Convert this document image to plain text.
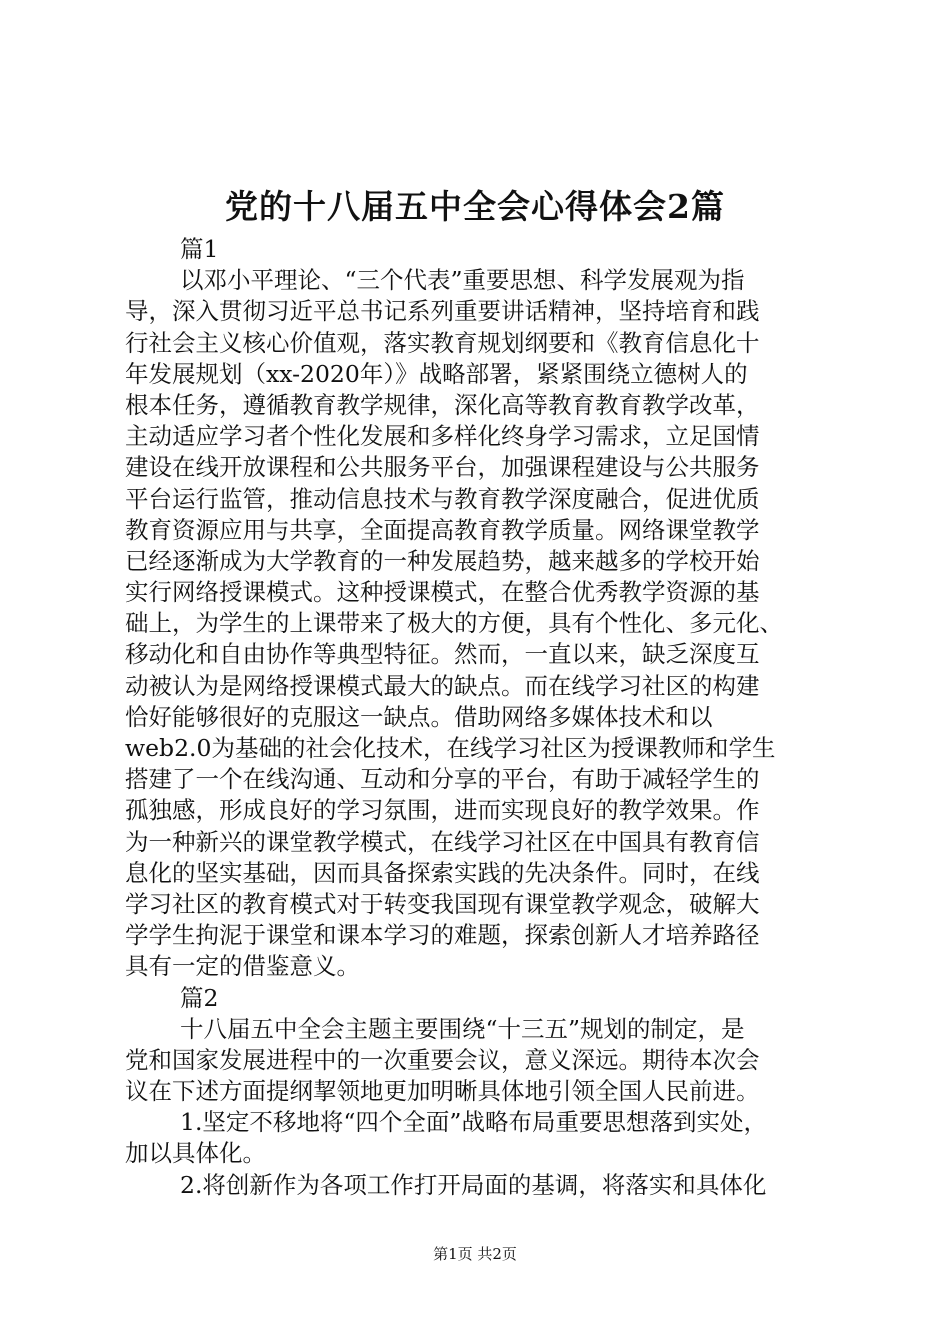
党的十八届五中全会心得体会2篇
篇1
以邓小平理论、“三个代表”重要思想、科学发展观为指
导，深入贯彻习近平总书记系列重要讲话精神，坚持培育和践
行社会主义核心价值观，落实教育规划纲要和《教育信息化十
年发展规划（xx-2020年）》战略部署，紧紧围绕立德树人的
根本任务，遵循教育教学规律，深化高等教育教育教学改革，
主动适应学习者个性化发展和多样化终身学习需求，立足国情
建设在线开放课程和公共服务平台，加强课程建设与公共服务
平台运行监管，推动信息技术与教育教学深度融合，促进优质
教育资源应用与共享，全面提高教育教学质量。网络课堂教学
已经逐渐成为大学教育的一种发展趋势，越来越多的学校开始
实行网络授课模式。这种授课模式，在整合优秀教学资源的基
础上，为学生的上课带来了极大的方便，具有个性化、多元化、
移动化和自由协作等典型特征。然而，一直以来，缺乏深度互
动被认为是网络授课模式最大的缺点。而在线学习社区的构建
恰好能够很好的克服这一缺点。借助网络多媒体技术和以
web2.0为基础的社会化技术，在线学习社区为授课教师和学生
搭建了一个在线沟通、互动和分享的平台，有助于减轻学生的
孤独感，形成良好的学习氛围，进而实现良好的教学效果。作
为一种新兴的课堂教学模式，在线学习社区在中国具有教育信
息化的坚实基础，因而具备探索实践的先决条件。同时，在线
学习社区的教育模式对于转变我国现有课堂教学观念，破解大
学学生拘泥于课堂和课本学习的难题，探索创新人才培养路径
具有一定的借鉴意义。
篇2
十八届五中全会主题主要围绕“十三五”规划的制定，是
党和国家发展进程中的一次重要会议，意义深远。期待本次会
议在下述方面提纲挈领地更加明晰具体地引领全国人民前进。
1.坚定不移地将“四个全面”战略布局重要思想落到实处，
加以具体化。
2.将创新作为各项工作打开局面的基调，将落实和具体化
第1页 共2页
